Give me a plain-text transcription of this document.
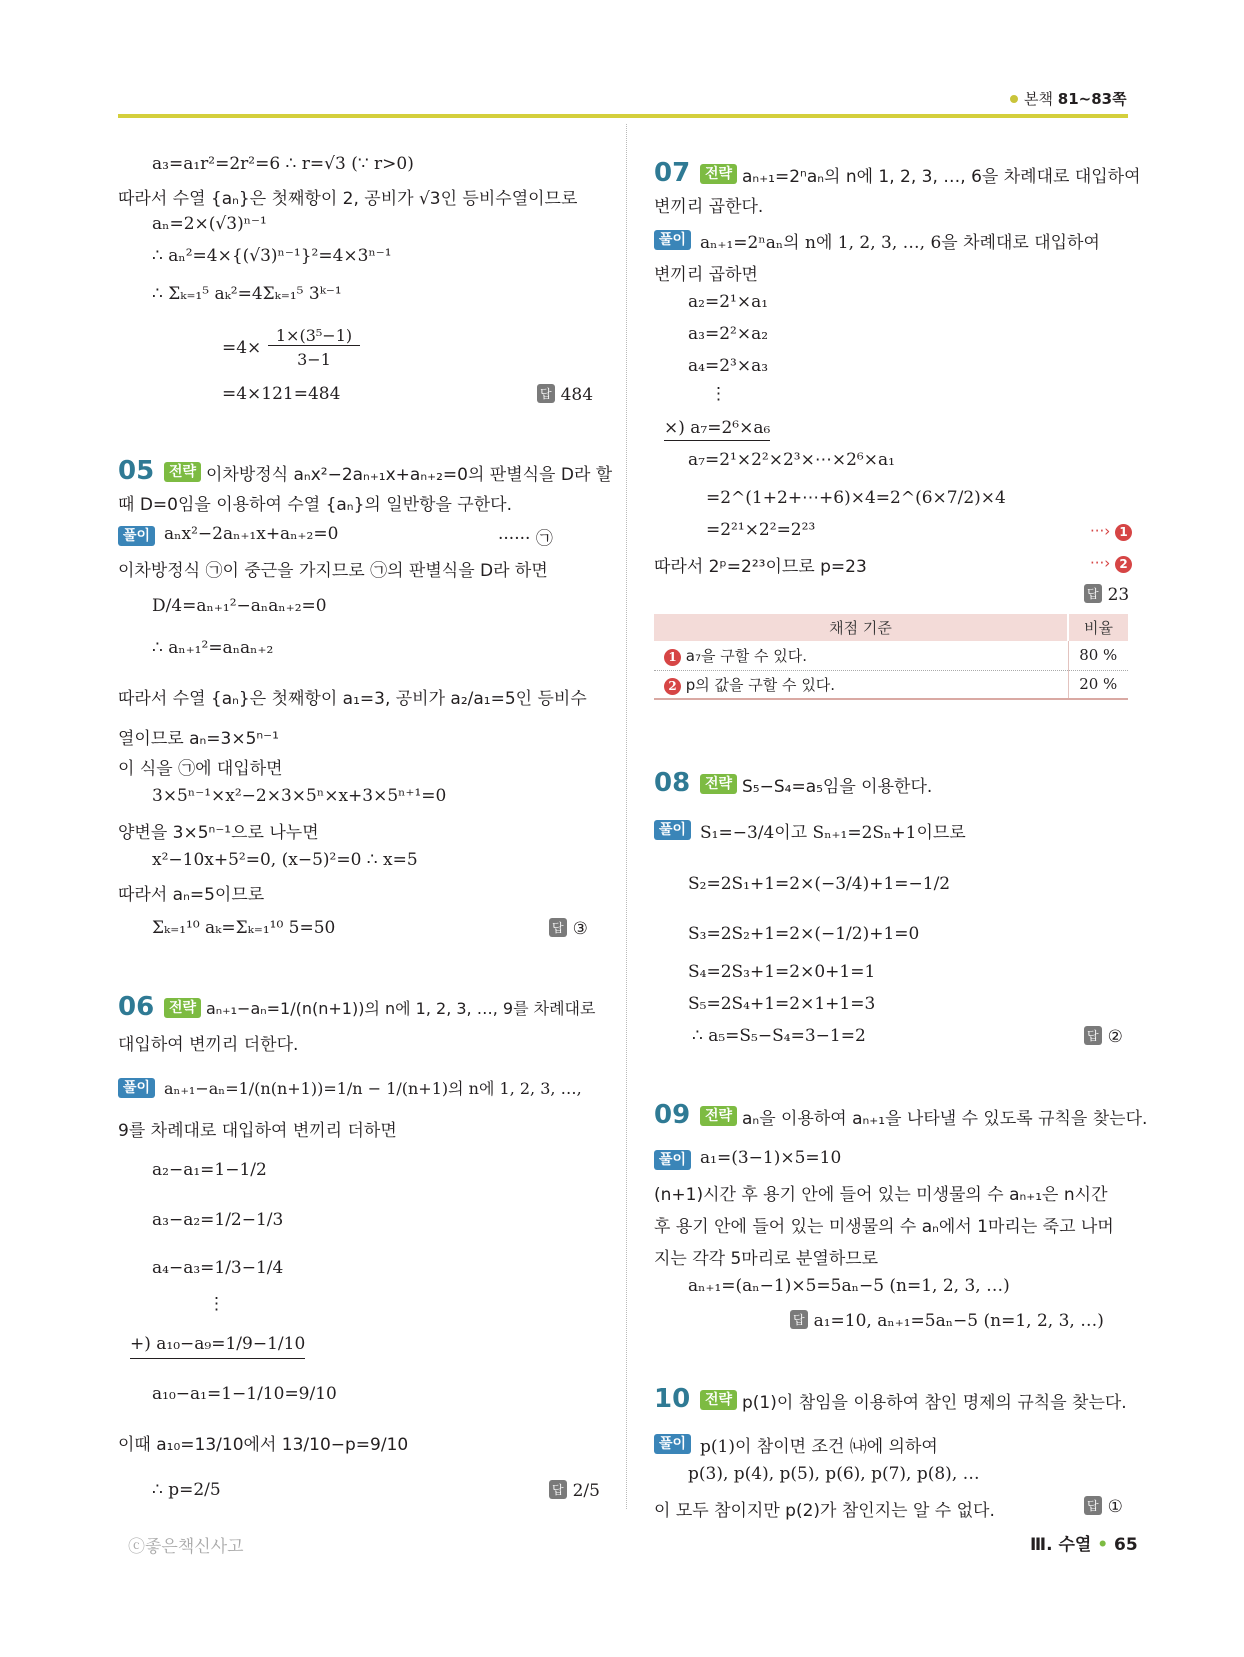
본책 81~83쪽
a₃=a₁r²=2r²=6 ∴ r=√3 (∵ r>0)
따라서 수열 {aₙ}은 첫째항이 2, 공비가 √3인 등비수열이므로
aₙ=2×(√3)ⁿ⁻¹
∴ aₙ²=4×{(√3)ⁿ⁻¹}²=4×3ⁿ⁻¹
∴ Σₖ₌₁⁵ aₖ²=4Σₖ₌₁⁵ 3ᵏ⁻¹
=4×
1×(3⁵−1)
3−1
=4×121=484	답 484
05	전략 이차방정식 aₙx²−2aₙ₊₁x+aₙ₊₂=0의 판별식을 D라 할
때 D=0임을 이용하여 수열 {aₙ}의 일반항을 구한다.
풀이 aₙx²−2aₙ₊₁x+aₙ₊₂=0	······ ㉠
이차방정식 ㉠이 중근을 가지므로 ㉠의 판별식을 D라 하면
D/4=aₙ₊₁²−aₙaₙ₊₂=0
∴ aₙ₊₁²=aₙaₙ₊₂
따라서 수열 {aₙ}은 첫째항이 a₁=3, 공비가 a₂/a₁=5인 등비수
열이므로 aₙ=3×5ⁿ⁻¹
이 식을 ㉠에 대입하면
3×5ⁿ⁻¹×x²−2×3×5ⁿ×x+3×5ⁿ⁺¹=0
양변을 3×5ⁿ⁻¹으로 나누면
x²−10x+5²=0, (x−5)²=0 ∴ x=5
따라서 aₙ=5이므로
Σₖ₌₁¹⁰ aₖ=Σₖ₌₁¹⁰ 5=50	답 ③
06	전략 aₙ₊₁−aₙ=1/(n(n+1))의 n에 1, 2, 3, …, 9를 차례대로
대입하여 변끼리 더한다.
풀이 aₙ₊₁−aₙ=1/(n(n+1))=1/n − 1/(n+1)의 n에 1, 2, 3, …,
9를 차례대로 대입하여 변끼리 더하면
a₂−a₁=1−1/2
a₃−a₂=1/2−1/3
a₄−a₃=1/3−1/4
⋮
+) a₁₀−a₉=1/9−1/10
a₁₀−a₁=1−1/10=9/10
이때 a₁₀=13/10에서 13/10−p=9/10
∴ p=2/5	답 2/5
07	전략 aₙ₊₁=2ⁿaₙ의 n에 1, 2, 3, …, 6을 차례대로 대입하여
변끼리 곱한다.
풀이 aₙ₊₁=2ⁿaₙ의 n에 1, 2, 3, …, 6을 차례대로 대입하여
변끼리 곱하면
a₂=2¹×a₁
a₃=2²×a₂
a₄=2³×a₃
⋮
×) a₇=2⁶×a₆
a₇=2¹×2²×2³×⋯×2⁶×a₁
=2^(1+2+⋯+6)×4=2^(6×7/2)×4
=2²¹×2²=2²³	···› 1
따라서 2ᵖ=2²³이므로 p=23	···› 2
답 23
채점 기준	비율
1 a₇을 구할 수 있다.	80 %
2 p의 값을 구할 수 있다.	20 %
08	전략 S₅−S₄=a₅임을 이용한다.
풀이 S₁=−3/4이고 Sₙ₊₁=2Sₙ+1이므로
S₂=2S₁+1=2×(−3/4)+1=−1/2
S₃=2S₂+1=2×(−1/2)+1=0
S₄=2S₃+1=2×0+1=1
S₅=2S₄+1=2×1+1=3
∴ a₅=S₅−S₄=3−1=2	답 ②
09	전략 aₙ을 이용하여 aₙ₊₁을 나타낼 수 있도록 규칙을 찾는다.
풀이 a₁=(3−1)×5=10
(n+1)시간 후 용기 안에 들어 있는 미생물의 수 aₙ₊₁은 n시간
후 용기 안에 들어 있는 미생물의 수 aₙ에서 1마리는 죽고 나머
지는 각각 5마리로 분열하므로
aₙ₊₁=(aₙ−1)×5=5aₙ−5 (n=1, 2, 3, …)
답 a₁=10, aₙ₊₁=5aₙ−5 (n=1, 2, 3, …)
10	전략 p(1)이 참임을 이용하여 참인 명제의 규칙을 찾는다.
풀이 p(1)이 참이면 조건 ㈏에 의하여
p(3), p(4), p(5), p(6), p(7), p(8), …
이 모두 참이지만 p(2)가 참인지는 알 수 없다.	답 ①
ⓒ좋은책신사고	Ⅲ. 수열 • 65
